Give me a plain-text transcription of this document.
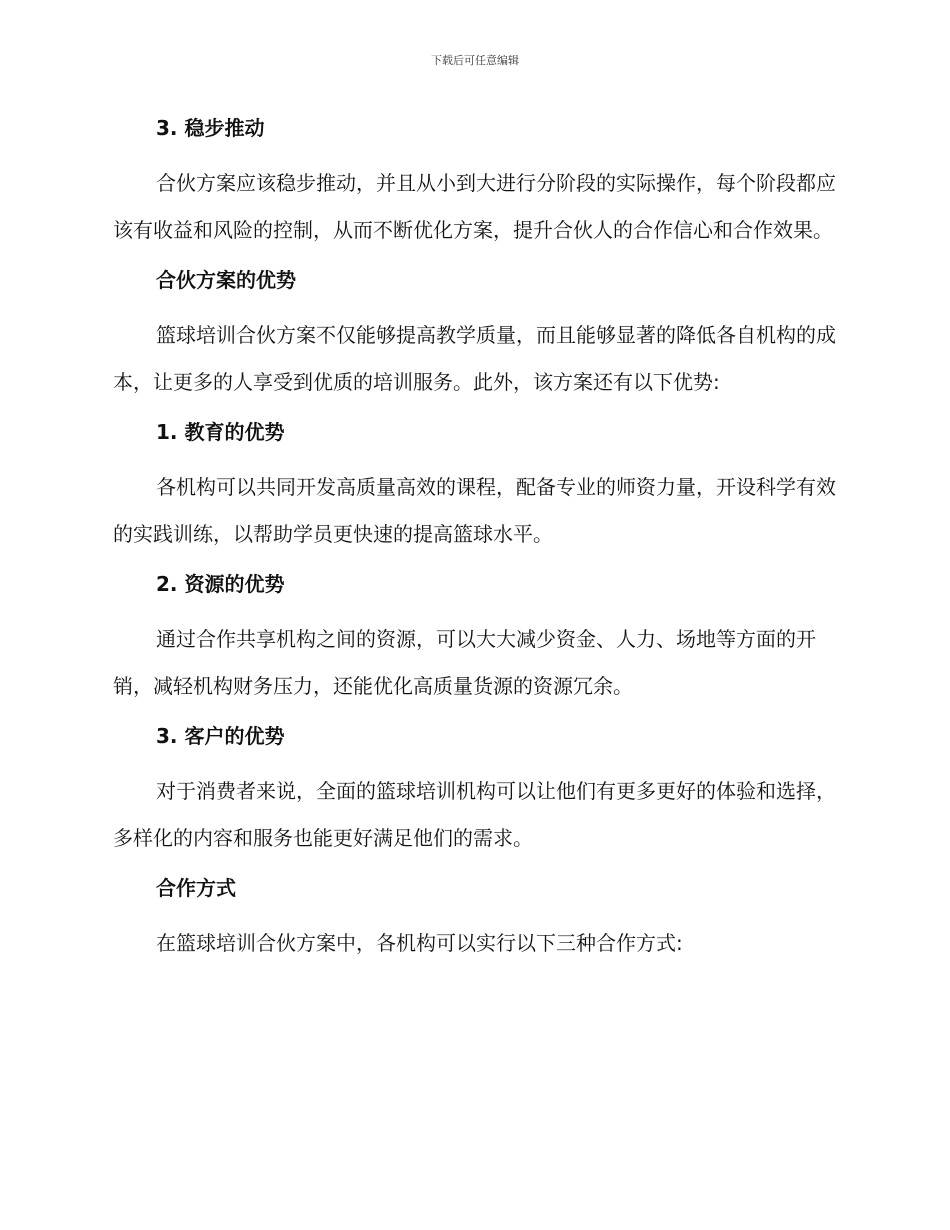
下载后可任意编辑
3. 稳步推动

合伙方案应该稳步推动，并且从小到大进行分阶段的实际操作，每个阶段都应该有收益和风险的控制，从而不断优化方案，提升合伙人的合作信心和合作效果。

合伙方案的优势

篮球培训合伙方案不仅能够提高教学质量，而且能够显著的降低各自机构的成本，让更多的人享受到优质的培训服务。此外，该方案还有以下优势:

1. 教育的优势

各机构可以共同开发高质量高效的课程，配备专业的师资力量，开设科学有效的实践训练，以帮助学员更快速的提高篮球水平。

2. 资源的优势

通过合作共享机构之间的资源，可以大大减少资金、人力、场地等方面的开销，减轻机构财务压力，还能优化高质量货源的资源冗余。

3. 客户的优势

对于消费者来说，全面的篮球培训机构可以让他们有更多更好的体验和选择，多样化的内容和服务也能更好满足他们的需求。

合作方式

在篮球培训合伙方案中，各机构可以实行以下三种合作方式:
